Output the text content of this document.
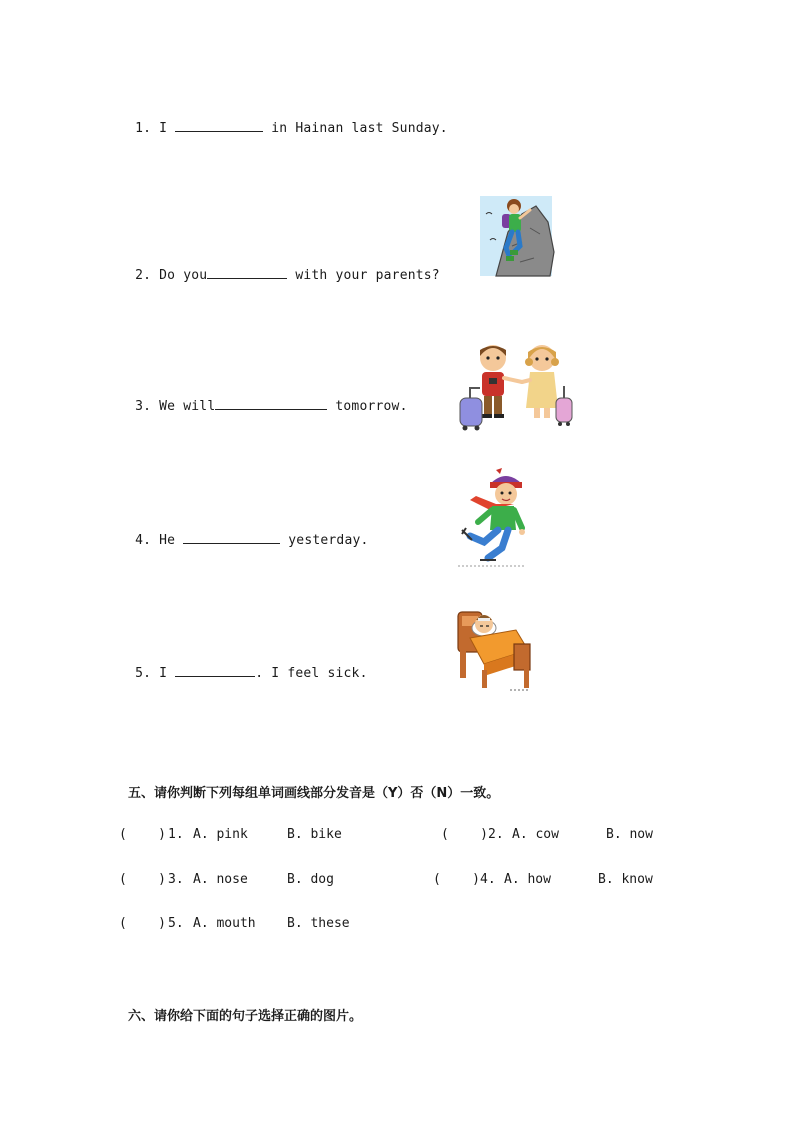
1. I	in Hainan last Sunday.

2. Do you	with your parents?

3. We will	tomorrow.

4. He	yesterday.

5. I	. I feel sick.

五、请你判断下列每组单词画线部分发音是（Y）否（N）一致。
(    ) 1. A. pink	B. bike	(    ) 2. A. cow	B. now
(    ) 3. A. nose	B. dog	(    ) 4. A. how	B. know
(    ) 5. A. mouth B. these
六、请你给下面的句子选择正确的图片。
